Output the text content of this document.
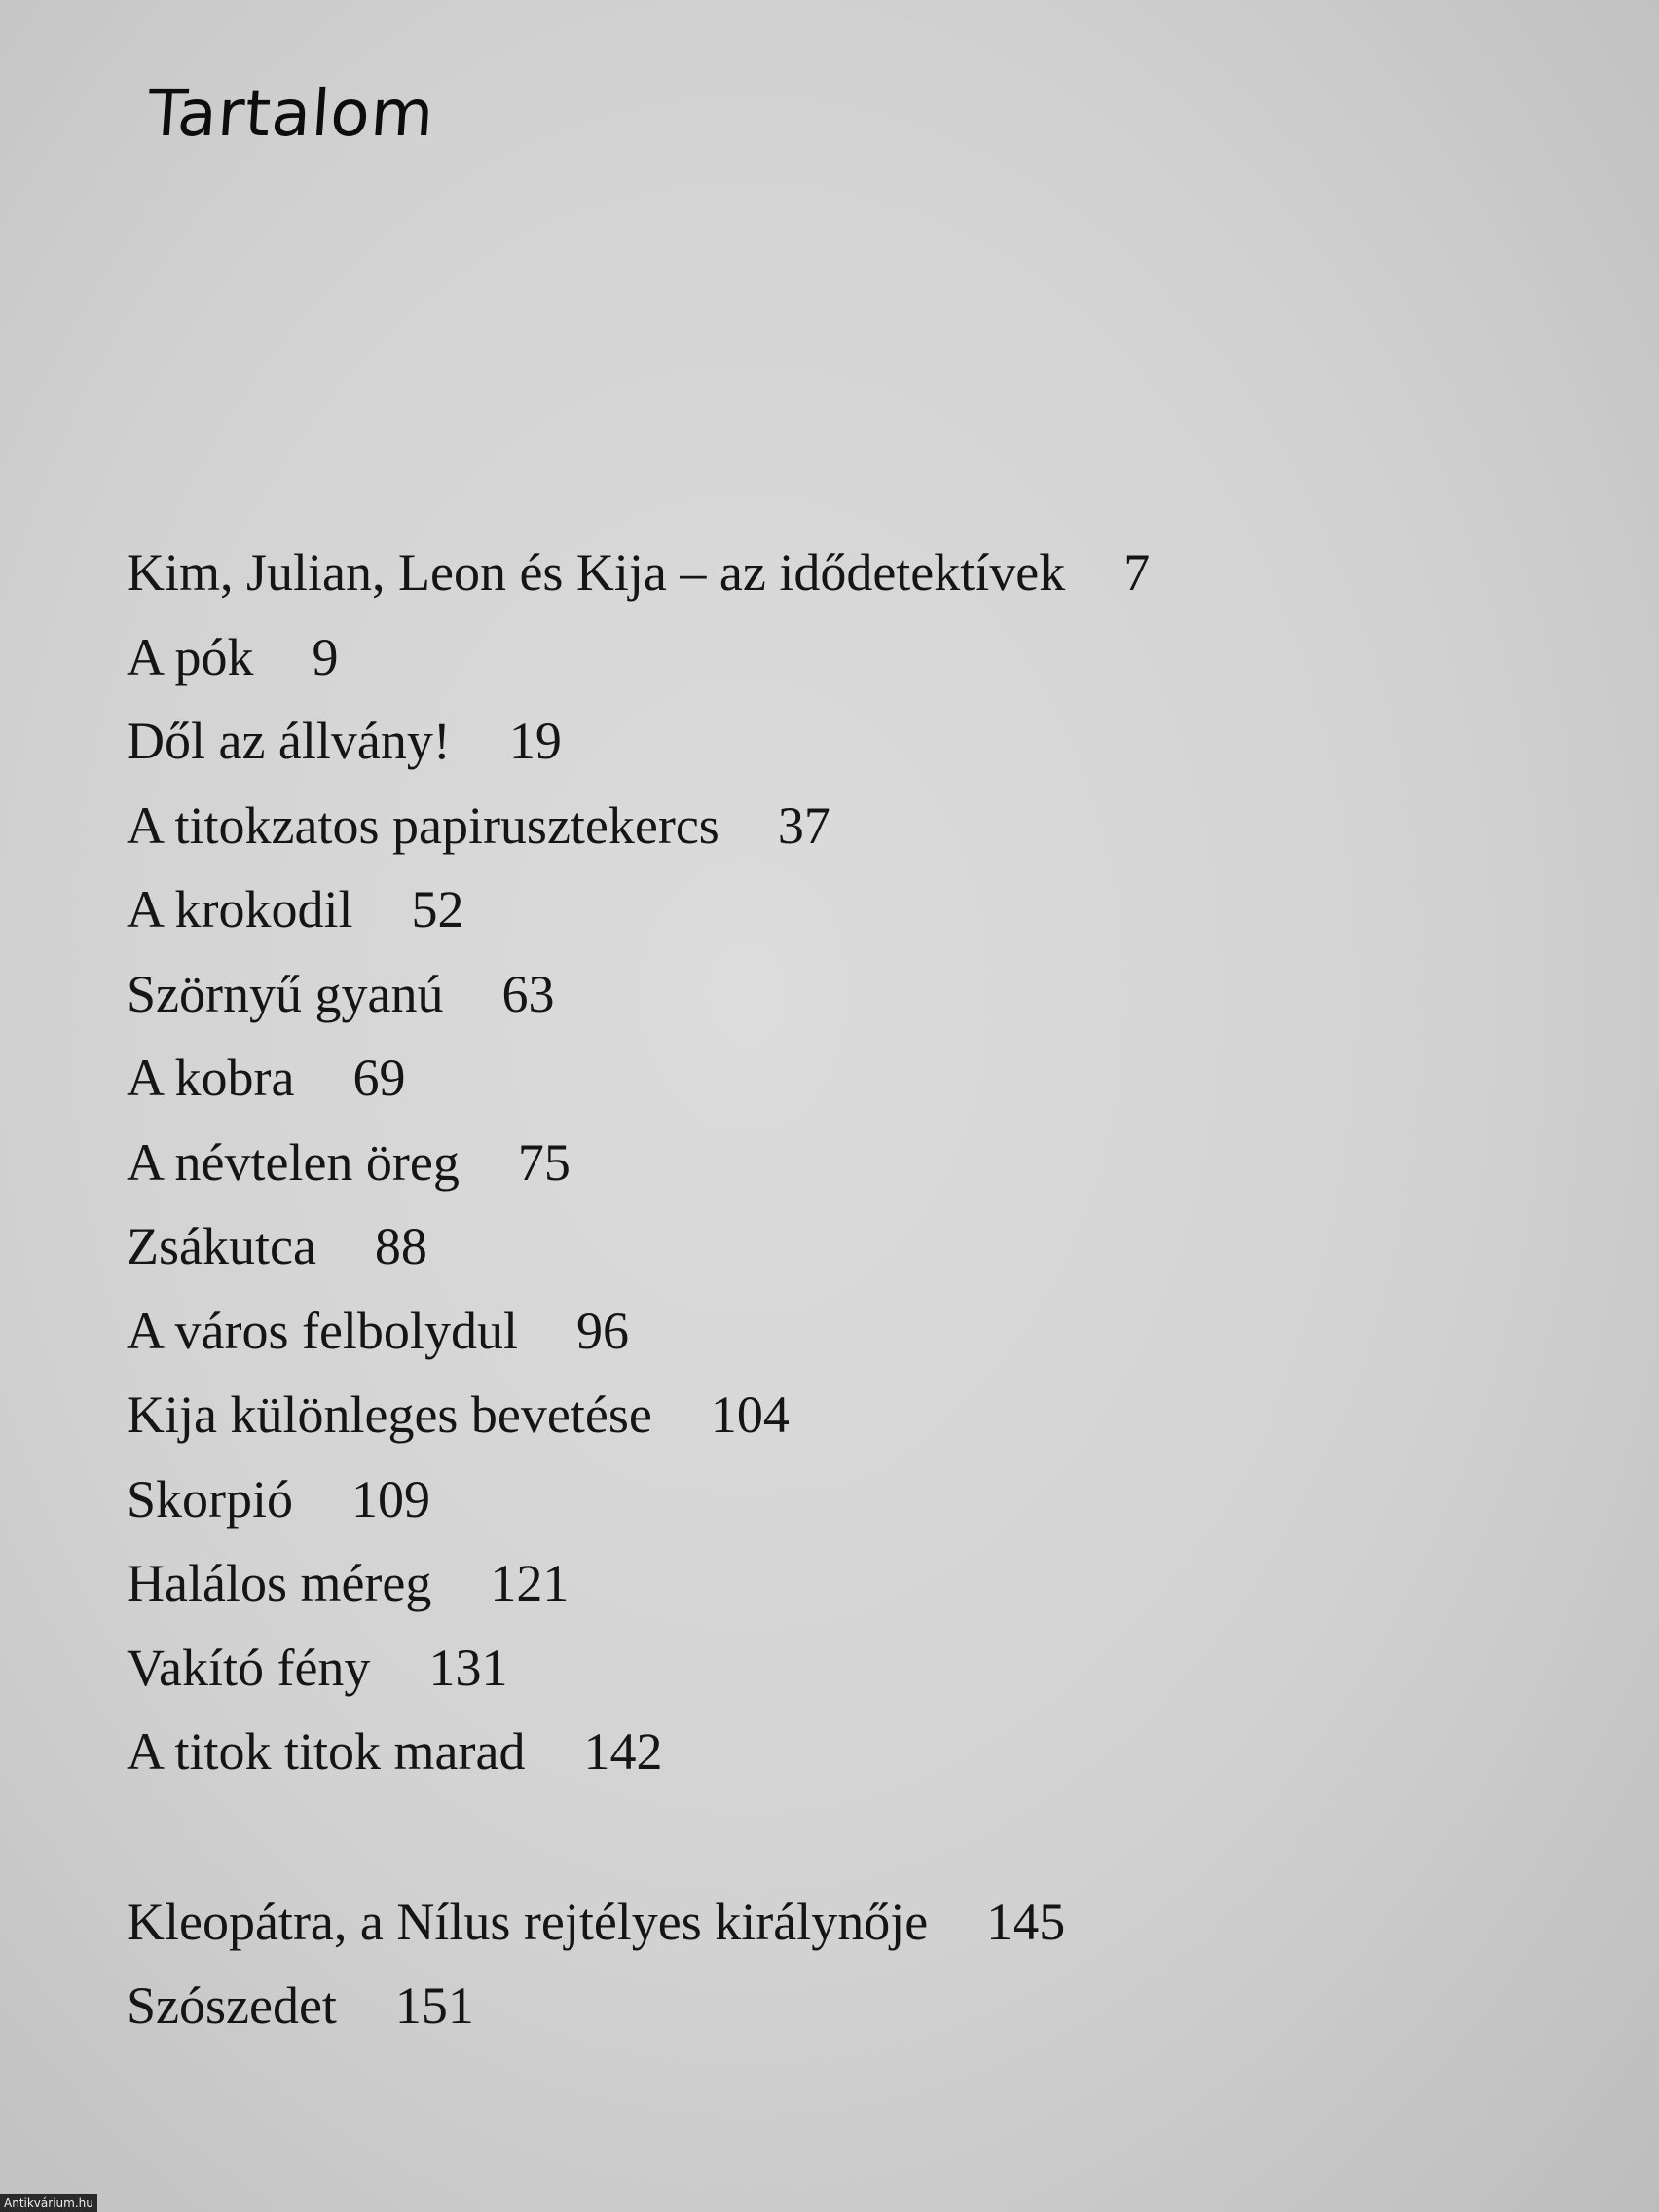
Tartalom
Kim, Julian, Leon és Kija – az idődetektívek 7
A pók 9
Dől az állvány! 19
A titokzatos papirusztekercs 37
A krokodil 52
Szörnyű gyanú 63
A kobra 69
A névtelen öreg 75
Zsákutca 88
A város felbolydul 96
Kija különleges bevetése 104
Skorpió 109
Halálos méreg 121
Vakító fény 131
A titok titok marad 142
Kleopátra, a Nílus rejtélyes királynője 145
Szószedet 151
Antikvárium.hu
